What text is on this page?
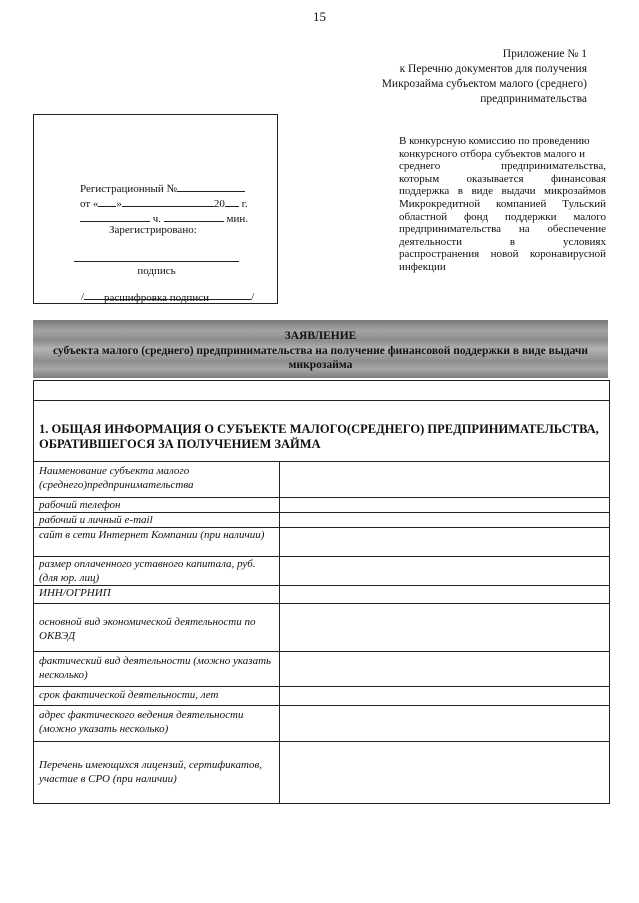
15
Приложение № 1
к Перечню документов для получения
Микрозайма субъектом малого (среднего)
предпринимательства

Регистрационный №

от « »	20 г.

ч.	мин.

Зарегистрировано:
подпись

/	/

расшифровка подписи
В конкурсную комиссию по проведению
конкурсного отбора субъектов малого и
среднего предпринимательства,
которым оказывается финансовая
поддержка в виде выдачи микрозаймов
Микрокредитной компанией Тульский
областной фонд поддержки малого
предпринимательства на обеспечение
деятельности в условиях
распространения новой коронавирусной
инфекции
ЗАЯВЛЕНИЕ
субъекта малого (среднего) предпринимательства на получение финансовой поддержки в виде выдачи
микрозайма
1. ОБЩАЯ ИНФОРМАЦИЯ О СУБЪЕКТЕ МАЛОГО(СРЕДНЕГО) ПРЕДПРИНИМАТЕЛЬСТВА,
ОБРАТИВШЕГОСЯ ЗА ПОЛУЧЕНИЕМ ЗАЙМА
Наименование субъекта малого (среднего)предпринимательства
рабочий телефон
рабочий и личный e-mail
сайт в сети Интернет Компании (при наличии)
размер оплаченного уставного капитала, руб. (для юр. лиц)
ИНН/ОГРНИП
основной вид экономической деятельности по ОКВЭД
фактический вид деятельности (можно указать несколько)
срок фактической деятельности, лет
адрес фактического ведения деятельности (можно указать несколько)
Перечень имеющихся лицензий, сертификатов, участие в СРО (при наличии)
